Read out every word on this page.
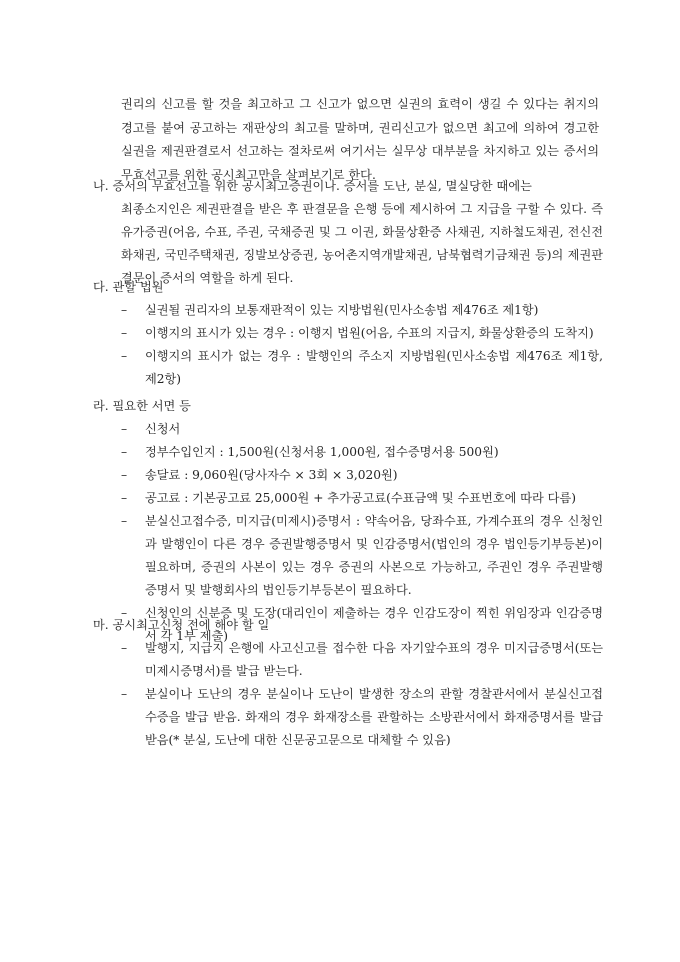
권리의 신고를 할 것을 최고하고 그 신고가 없으면 실권의 효력이 생길 수 있다는 취지의 경고를 붙여 공고하는 재판상의 최고를 말하며, 권리신고가 없으면 최고에 의하여 경고한 실권을 제권판결로서 선고하는 절차로써 여기서는 실무상 대부분을 차지하고 있는 증서의 무효선고를 위한 공시최고만을 살펴보기로 한다.
나. 증서의 무효선고를 위한 공시최고증권이나. 증서를 도난, 분실, 멸실당한 때에는
최종소지인은 제권판결을 받은 후 판결문을 은행 등에 제시하여 그 지급을 구할 수 있다. 즉 유가증권(어음, 수표, 주권, 국채증권 및 그 이권, 화물상환증 사채권, 지하철도채권, 전신전화채권, 국민주택채권, 징발보상증권, 농어촌지역개발채권, 남북협력기금채권 등)의 제권판결문이 증서의 역할을 하게 된다.
다. 관할 법원
– 실권될 권리자의 보통재판적이 있는 지방법원(민사소송법 제476조 제1항)
– 이행지의 표시가 있는 경우 : 이행지 법원(어음, 수표의 지급지, 화물상환증의 도착지)
– 이행지의 표시가 없는 경우 : 발행인의 주소지 지방법원(민사소송법 제476조 제1항, 제2항)
라. 필요한 서면 등
– 신청서
– 정부수입인지 : 1,500원(신청서용 1,000원, 접수증명서용 500원)
– 송달료 : 9,060원(당사자수 × 3회 × 3,020원)
– 공고료 : 기본공고료 25,000원 + 추가공고료(수표금액 및 수표번호에 따라 다름)
– 분실신고접수증, 미지급(미제시)증명서 : 약속어음, 당좌수표, 가계수표의 경우 신청인과 발행인이 다른 경우 증권발행증명서 및 인감증명서(법인의 경우 법인등기부등본)이 필요하며, 증권의 사본이 있는 경우 증권의 사본으로 가능하고, 주권인 경우 주권발행증명서 및 발행회사의 법인등기부등본이 필요하다.
– 신청인의 신분증 및 도장(대리인이 제출하는 경우 인감도장이 찍힌 위임장과 인감증명서 각 1부 제출)
마. 공시최고신청 전에 해야 할 일
– 발행지, 지급지 은행에 사고신고를 접수한 다음 자기앞수표의 경우 미지급증명서(또는 미제시증명서)를 발급 받는다.
– 분실이나 도난의 경우 분실이나 도난이 발생한 장소의 관할 경찰관서에서 분실신고접수증을 발급 받음. 화재의 경우 화재장소를 관할하는 소방관서에서 화재증명서를 발급 받음(* 분실, 도난에 대한 신문공고문으로 대체할 수 있음)
